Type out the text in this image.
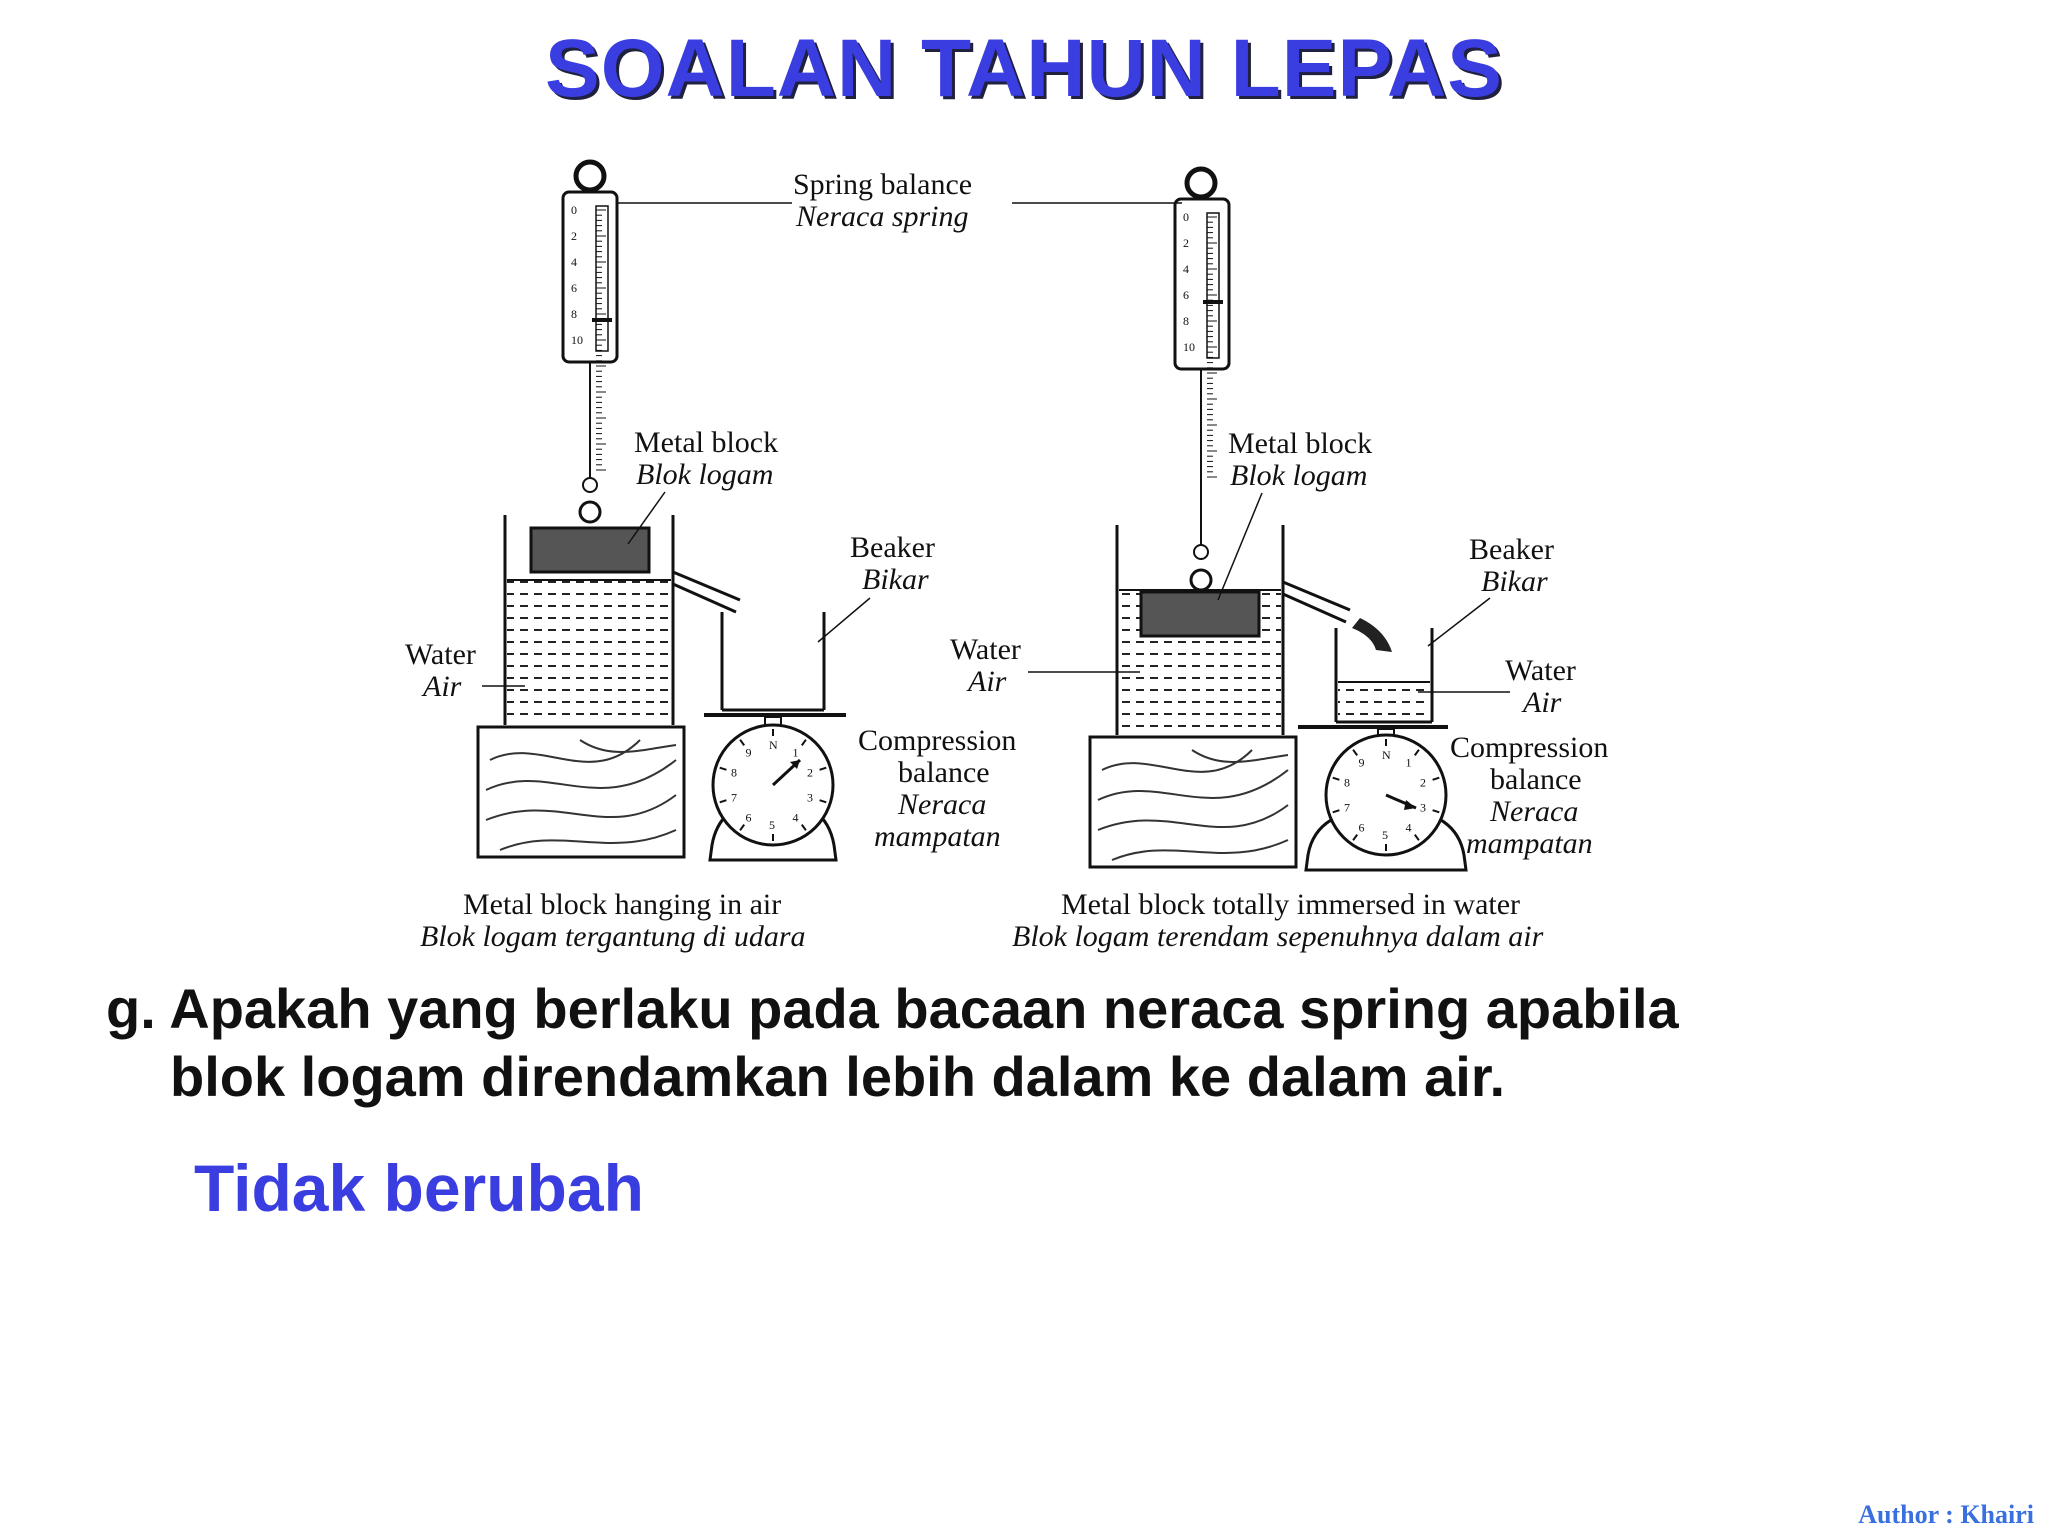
SOALAN TAHUN LEPAS
0
2
4
6
8
10
N
1
2
3
4
5
6
7
8
9
Spring balance
Neraca spring
Metal block
Blok logam
Beaker
Bikar
Water
Air
Compression
balance
Neraca
mampatan
Metal block hanging in air
Blok logam tergantung di udara
0
2
4
6
8
10
N
1
2
3
4
5
6
7
8
9
Metal block
Blok logam
Beaker
Bikar
Water
Air	Water
Air
Compression
balance
Neraca
mampatan
Metal block totally immersed in water
Blok logam terendam sepenuhnya dalam air
g. Apakah yang berlaku pada bacaan neraca spring apabila
blok logam direndamkan lebih dalam ke dalam air.
Tidak berubah
Author : Khairi
